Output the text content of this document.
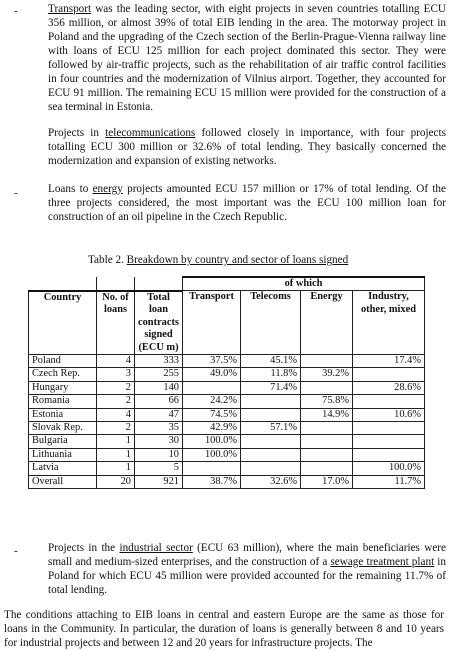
-	Transport was the leading sector, with eight projects in seven countries totalling ECU 356 million, or almost 39% of total EIB lending in the area. The motorway project in Poland and the upgrading of the Czech section of the Berlin-Prague-Vienna railway line with loans of ECU 125 million for each project dominated this sector. They were followed by air-traffic projects, such as the rehabilitation of air traffic control facilities in four countries and the modernization of Vilnius airport. Together, they accounted for ECU 91 million. The remaining ECU 15 million were provided for the construction of a sea terminal in Estonia.
Projects in telecommunications followed closely in importance, with four projects totalling ECU 300 million or 32.6% of total lending. They basically concerned the modernization and expansion of existing networks.
-	Loans to energy projects amounted ECU 157 million or 17% of total lending. Of the three projects considered, the most important was the ECU 100 million loan for construction of an oil pipeline in the Czech Republic.
Table 2. Breakdown by country and sector of loans signed
			of which			
Country	No. of loans	Total loan contracts signed (ECU m)	Transport	Telecoms	Energy	Industry, other, mixed
Poland	4	333	37.5%	45.1%		17.4%
Czech Rep.	3	255	49.0%	11.8%	39.2%	
Hungary	2	140		71.4%		28.6%
Romania	2	66	24.2%		75.8%	
Estonia	4	47	74.5%		14.9%	10.6%
Slovak Rep.	2	35	42.9%	57.1%		
Bulgaria	1	30	100.0%			
Lithuania	1	10	100.0%			
Latvia	1	5				100.0%
Overall	20	921	38.7%	32.6%	17.0%	11.7%
-	Projects in the industrial sector (ECU 63 million), where the main beneficiaries were small and medium-sized enterprises, and the construction of a sewage treatment plant in Poland for which ECU 45 million were provided accounted for the remaining 11.7% of total lending.
The conditions attaching to EIB loans in central and eastern Europe are the same as those for loans in the Community. In particular, the duration of loans is generally between 8 and 10 years for industrial projects and between 12 and 20 years for infrastructure projects. The
